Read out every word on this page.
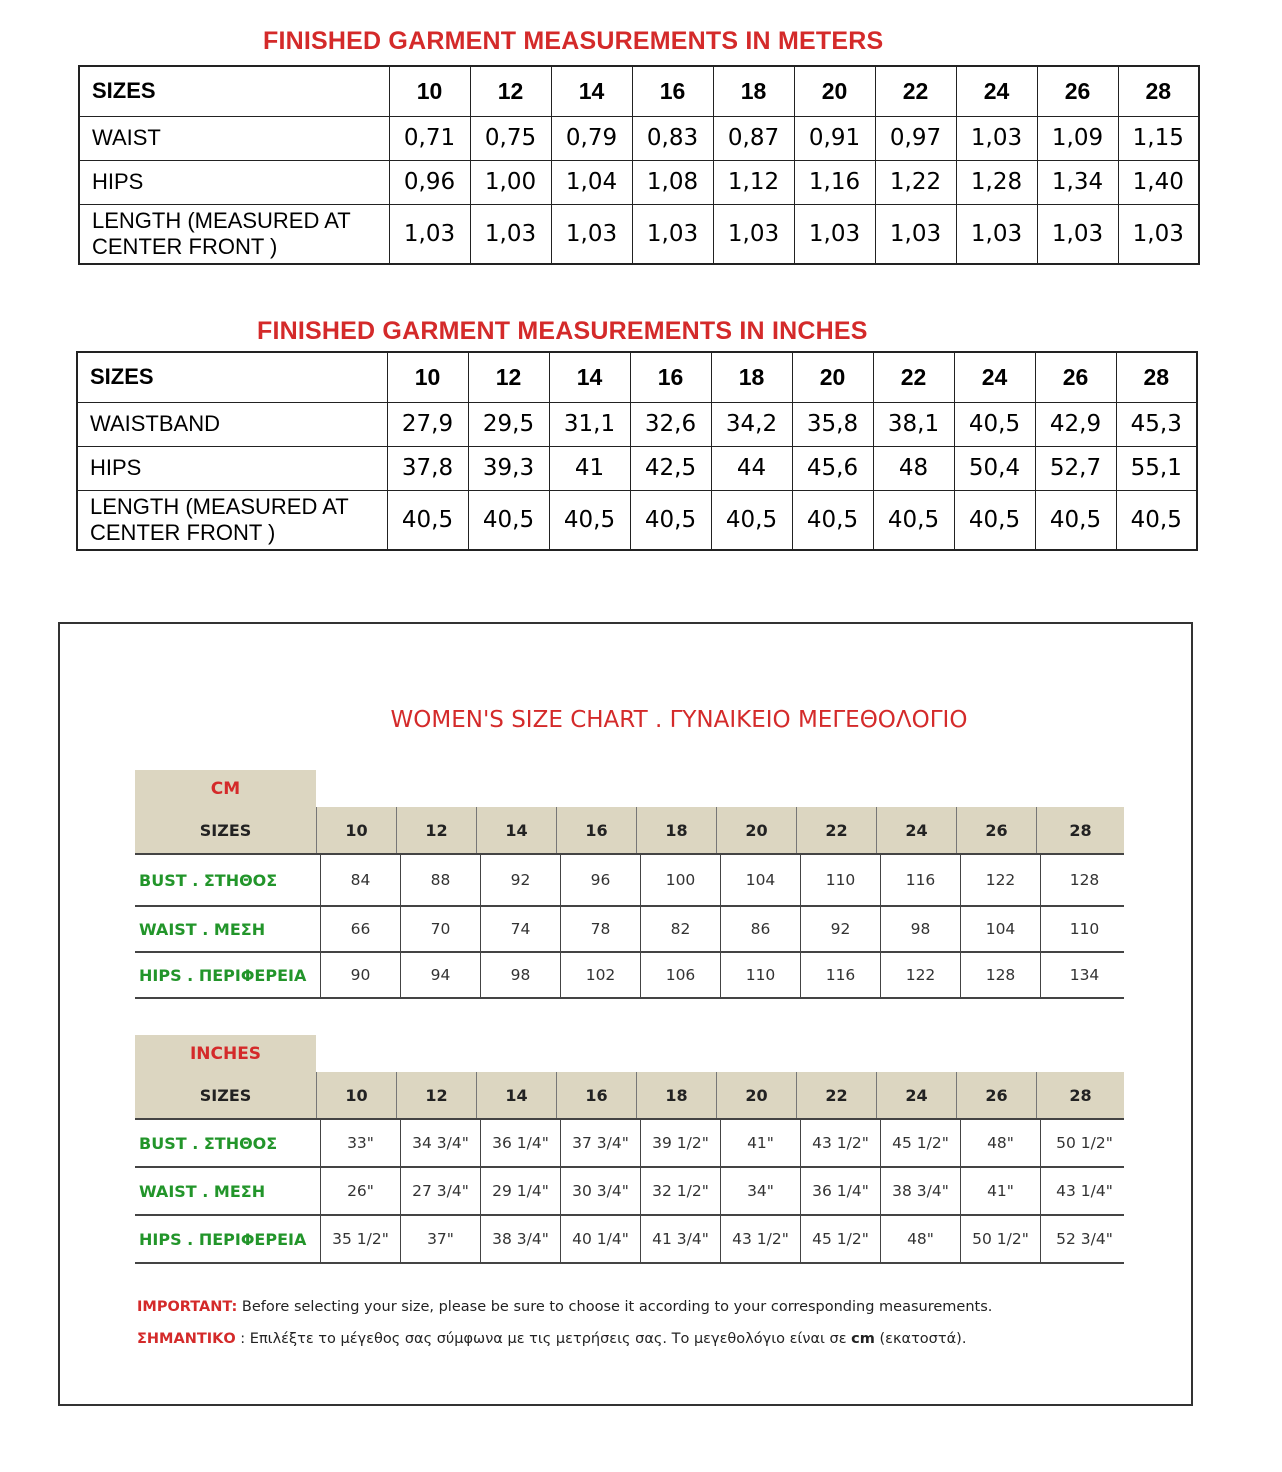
FINISHED GARMENT MEASUREMENTS IN METERS
SIZES	10	12	14	16	18	20	22	24	26	28
WAIST	0,71	0,75	0,79	0,83	0,87	0,91	0,97	1,03	1,09	1,15
HIPS	0,96	1,00	1,04	1,08	1,12	1,16	1,22	1,28	1,34	1,40

LENGTH (MEASURED AT
CENTER FRONT )	1,03	1,03	1,03	1,03	1,03	1,03	1,03	1,03	1,03	1,03
FINISHED GARMENT MEASUREMENTS IN INCHES
SIZES	10	12	14	16	18	20	22	24	26	28
WAISTBAND	27,9	29,5	31,1	32,6	34,2	35,8	38,1	40,5	42,9	45,3
HIPS	37,8	39,3	41	42,5	44	45,6	48	50,4	52,7	55,1

LENGTH (MEASURED AT
CENTER FRONT )	40,5	40,5	40,5	40,5	40,5	40,5	40,5	40,5	40,5	40,5
WOMEN'S SIZE CHART . ΓΥΝΑΙΚΕΙΟ ΜΕΓΕΘΟΛΟΓΙΟ
CM
SIZES	10	12	14	16	18	20	22	24	26	28
BUST . ΣΤΗΘΟΣ	84	88	92	96	100	104	110	116	122	128
WAIST . ΜΕΣΗ	66	70	74	78	82	86	92	98	104	110
HIPS . ΠΕΡΙΦΕΡΕΙΑ	90	94	98	102	106	110	116	122	128	134
INCHES
SIZES	10	12	14	16	18	20	22	24	26	28
BUST . ΣΤΗΘΟΣ	33"	34 3/4"	36 1/4"	37 3/4"	39 1/2"	41"	43 1/2"	45 1/2"	48"	50 1/2"
WAIST . ΜΕΣΗ	26"	27 3/4"	29 1/4"	30 3/4"	32 1/2"	34"	36 1/4"	38 3/4"	41"	43 1/4"
HIPS . ΠΕΡΙΦΕΡΕΙΑ	35 1/2"	37"	38 3/4"	40 1/4"	41 3/4"	43 1/2"	45 1/2"	48"	50 1/2"	52 3/4"
IMPORTANT: Before selecting your size, please be sure to choose it according to your corresponding measurements.
ΣΗΜΑΝΤΙΚΟ : Επιλέξτε το μέγεθος σας σύμφωνα με τις μετρήσεις σας. Το μεγεθολόγιο είναι σε cm (εκατοστά).
